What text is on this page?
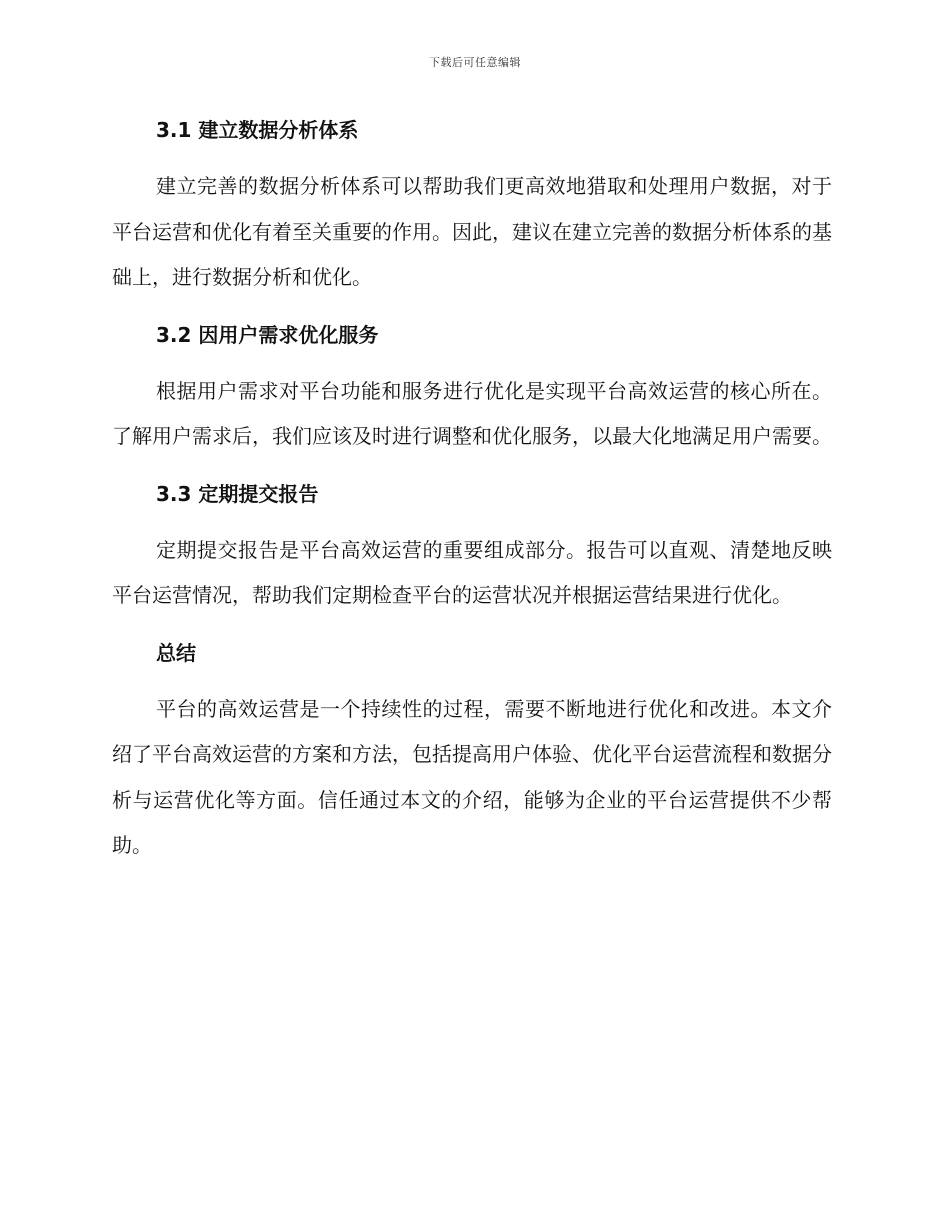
下载后可任意编辑
3.1 建立数据分析体系

建立完善的数据分析体系可以帮助我们更高效地猎取和处理用户数据，对于平台运营和优化有着至关重要的作用。因此，建议在建立完善的数据分析体系的基础上，进行数据分析和优化。

3.2 因用户需求优化服务

根据用户需求对平台功能和服务进行优化是实现平台高效运营的核心所在。了解用户需求后，我们应该及时进行调整和优化服务，以最大化地满足用户需要。

3.3 定期提交报告

定期提交报告是平台高效运营的重要组成部分。报告可以直观、清楚地反映平台运营情况，帮助我们定期检查平台的运营状况并根据运营结果进行优化。

总结

平台的高效运营是一个持续性的过程，需要不断地进行优化和改进。本文介绍了平台高效运营的方案和方法，包括提高用户体验、优化平台运营流程和数据分析与运营优化等方面。信任通过本文的介绍，能够为企业的平台运营提供不少帮助。
